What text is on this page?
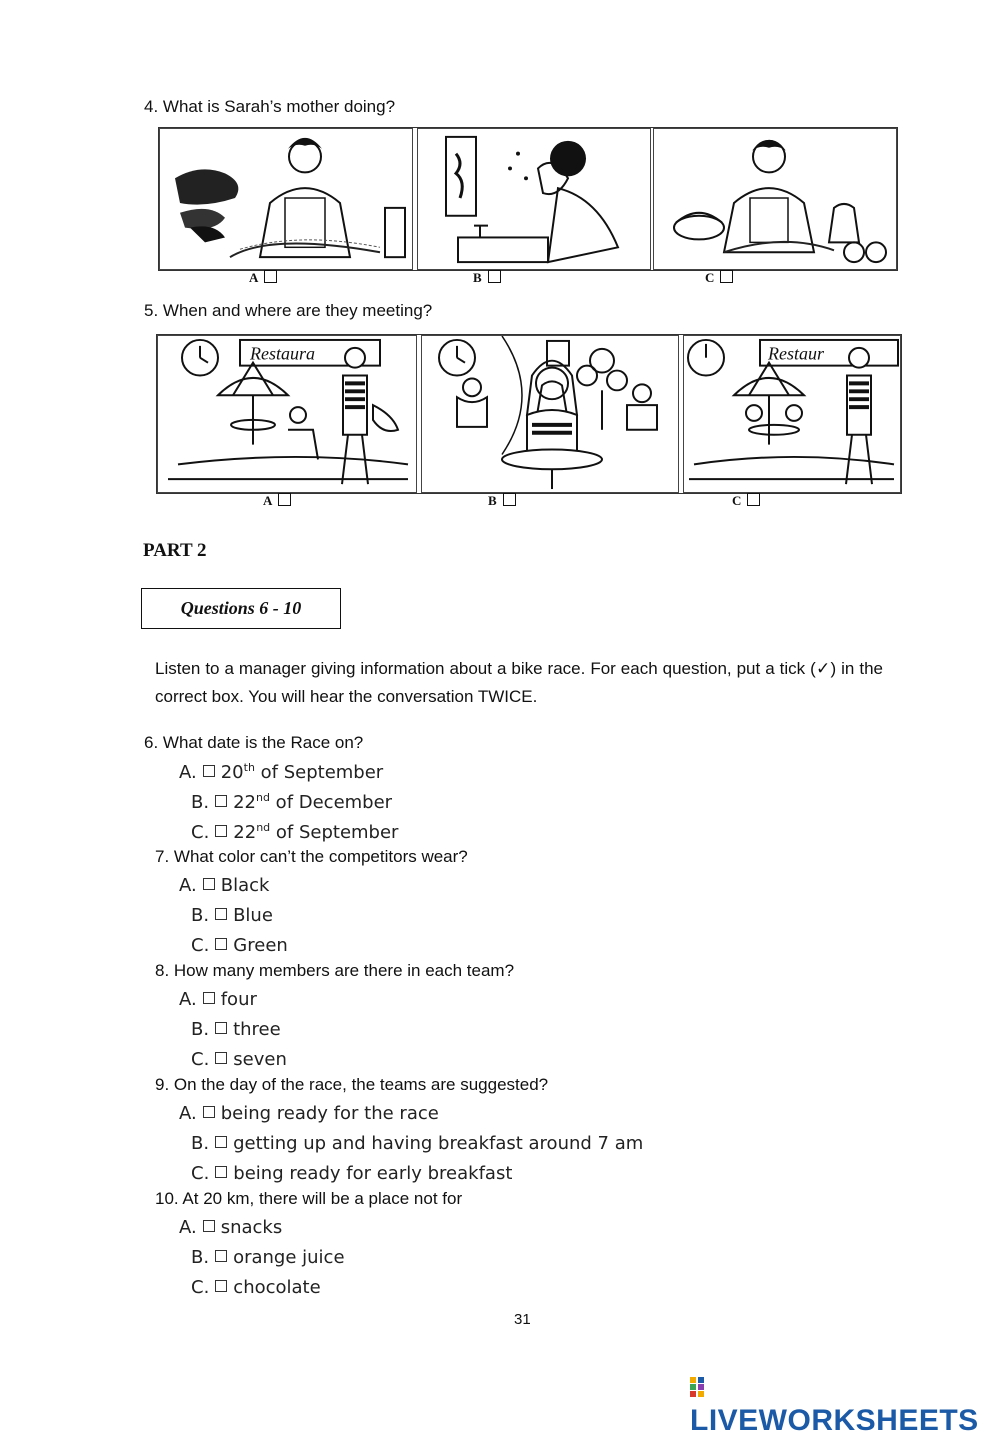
4. What is Sarah’s mother doing?
A	B	C
5. When and where are they meeting?
Restaura	Restaur
A	B	C
PART 2
Questions 6 - 10
Listen to a manager giving information about a bike race. For each question, put a tick (✓) in the correct box. You will hear the conversation TWICE.
6. What date is the Race on?
A. 20th of September
B. 22nd of December
C. 22nd of September
7. What color can’t the competitors wear?
A. Black
B. Blue
C. Green
8. How many members are there in each team?
A. four
B. three
C. seven
9. On the day of the race, the teams are suggested?
A. being ready for the race
B. getting up and having breakfast around 7 am
C. being ready for early breakfast
10. At 20 km, there will be a place not for
A. snacks
B. orange juice
C. chocolate
31
LIVEWORKSHEETS
